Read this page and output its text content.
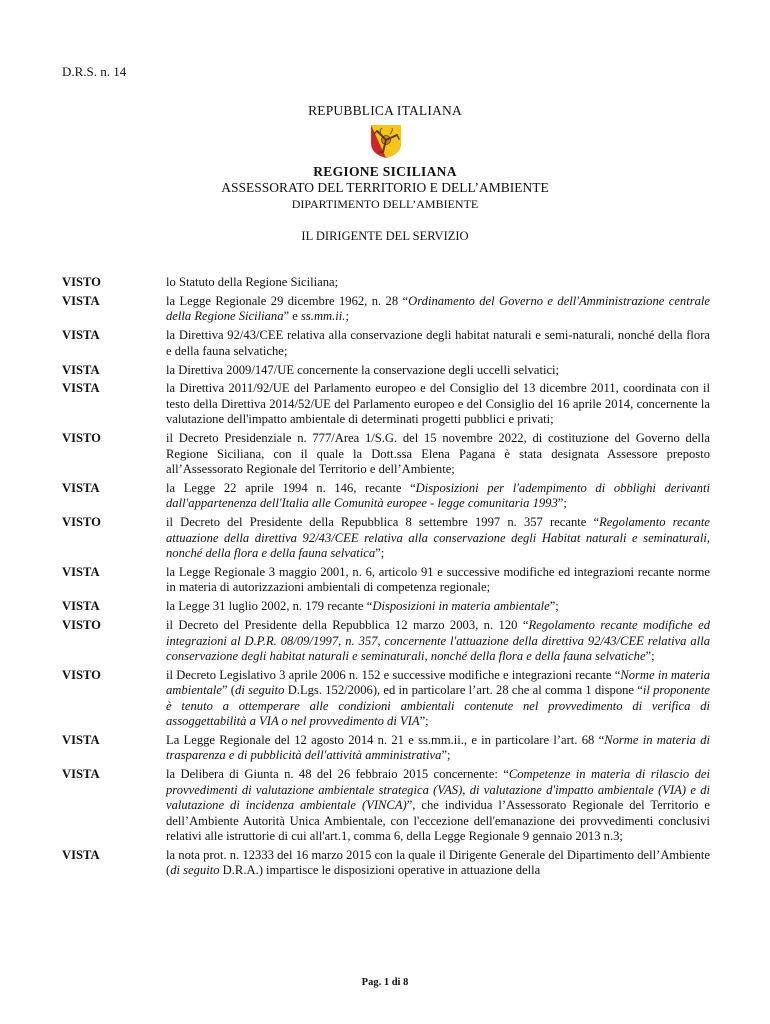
D.R.S. n. 14
REPUBBLICA ITALIANA
REGIONE SICILIANA
ASSESSORATO DEL TERRITORIO E DELL’AMBIENTE
DIPARTIMENTO DELL’AMBIENTE
IL DIRIGENTE DEL SERVIZIO
VISTO	lo Statuto della Regione Siciliana;
VISTA	la Legge Regionale 29 dicembre 1962, n. 28 “Ordinamento del Governo e dell'Amministrazione centrale della Regione Siciliana” e ss.mm.ii.;
VISTA	la Direttiva 92/43/CEE relativa alla conservazione degli habitat naturali e semi-naturali, nonché della flora e della fauna selvatiche;
VISTA	la Direttiva 2009/147/UE concernente la conservazione degli uccelli selvatici;
VISTA	la Direttiva 2011/92/UE del Parlamento europeo e del Consiglio del 13 dicembre 2011, coordinata con il testo della Direttiva 2014/52/UE del Parlamento europeo e del Consiglio del 16 aprile 2014, concernente la valutazione dell'impatto ambientale di determinati progetti pubblici e privati;
VISTO	il Decreto Presidenziale n. 777/Area 1/S.G. del 15 novembre 2022, di costituzione del Governo della Regione Siciliana, con il quale la Dott.ssa Elena Pagana è stata designata Assessore preposto all’Assessorato Regionale del Territorio e dell’Ambiente;
VISTA	la Legge 22 aprile 1994 n. 146, recante “Disposizioni per l'adempimento di obblighi derivanti dall'appartenenza dell'Italia alle Comunità europee - legge comunitaria 1993”;
VISTO	il Decreto del Presidente della Repubblica 8 settembre 1997 n. 357 recante “Regolamento recante attuazione della direttiva 92/43/CEE relativa alla conservazione degli Habitat naturali e seminaturali, nonché della flora e della fauna selvatica”;
VISTA	la Legge Regionale 3 maggio 2001, n. 6, articolo 91 e successive modifiche ed integrazioni recante norme in materia di autorizzazioni ambientali di competenza regionale;
VISTA	la Legge 31 luglio 2002, n. 179 recante “Disposizioni in materia ambientale”;
VISTO	il Decreto del Presidente della Repubblica 12 marzo 2003, n. 120 “Regolamento recante modifiche ed integrazioni al D.P.R. 08/09/1997, n. 357, concernente l'attuazione della direttiva 92/43/CEE relativa alla conservazione degli habitat naturali e seminaturali, nonché della flora e della fauna selvatiche”;
VISTO	il Decreto Legislativo 3 aprile 2006 n. 152 e successive modifiche e integrazioni recante “Norme in materia ambientale” (di seguito D.Lgs. 152/2006), ed in particolare l’art. 28 che al comma 1 dispone “il proponente è tenuto a ottemperare alle condizioni ambientali contenute nel provvedimento di verifica di assoggettabilità a VIA o nel provvedimento di VIA”;
VISTA	La Legge Regionale del 12 agosto 2014 n. 21 e ss.mm.ii., e in particolare l’art. 68 “Norme in materia di trasparenza e di pubblicità dell'attività amministrativa”;
VISTA	la Delibera di Giunta n. 48 del 26 febbraio 2015 concernente: “Competenze in materia di rilascio dei provvedimenti di valutazione ambientale strategica (VAS), di valutazione d'impatto ambientale (VIA) e di valutazione di incidenza ambientale (VINCA)”, che individua l’Assessorato Regionale del Territorio e dell’Ambiente Autorità Unica Ambientale, con l'eccezione dell'emanazione dei provvedimenti conclusivi relativi alle istruttorie di cui all'art.1, comma 6, della Legge Regionale 9 gennaio 2013 n.3;
VISTA	la nota prot. n. 12333 del 16 marzo 2015 con la quale il Dirigente Generale del Dipartimento dell’Ambiente (di seguito D.R.A.) impartisce le disposizioni operative in attuazione della
Pag. 1 di 8
